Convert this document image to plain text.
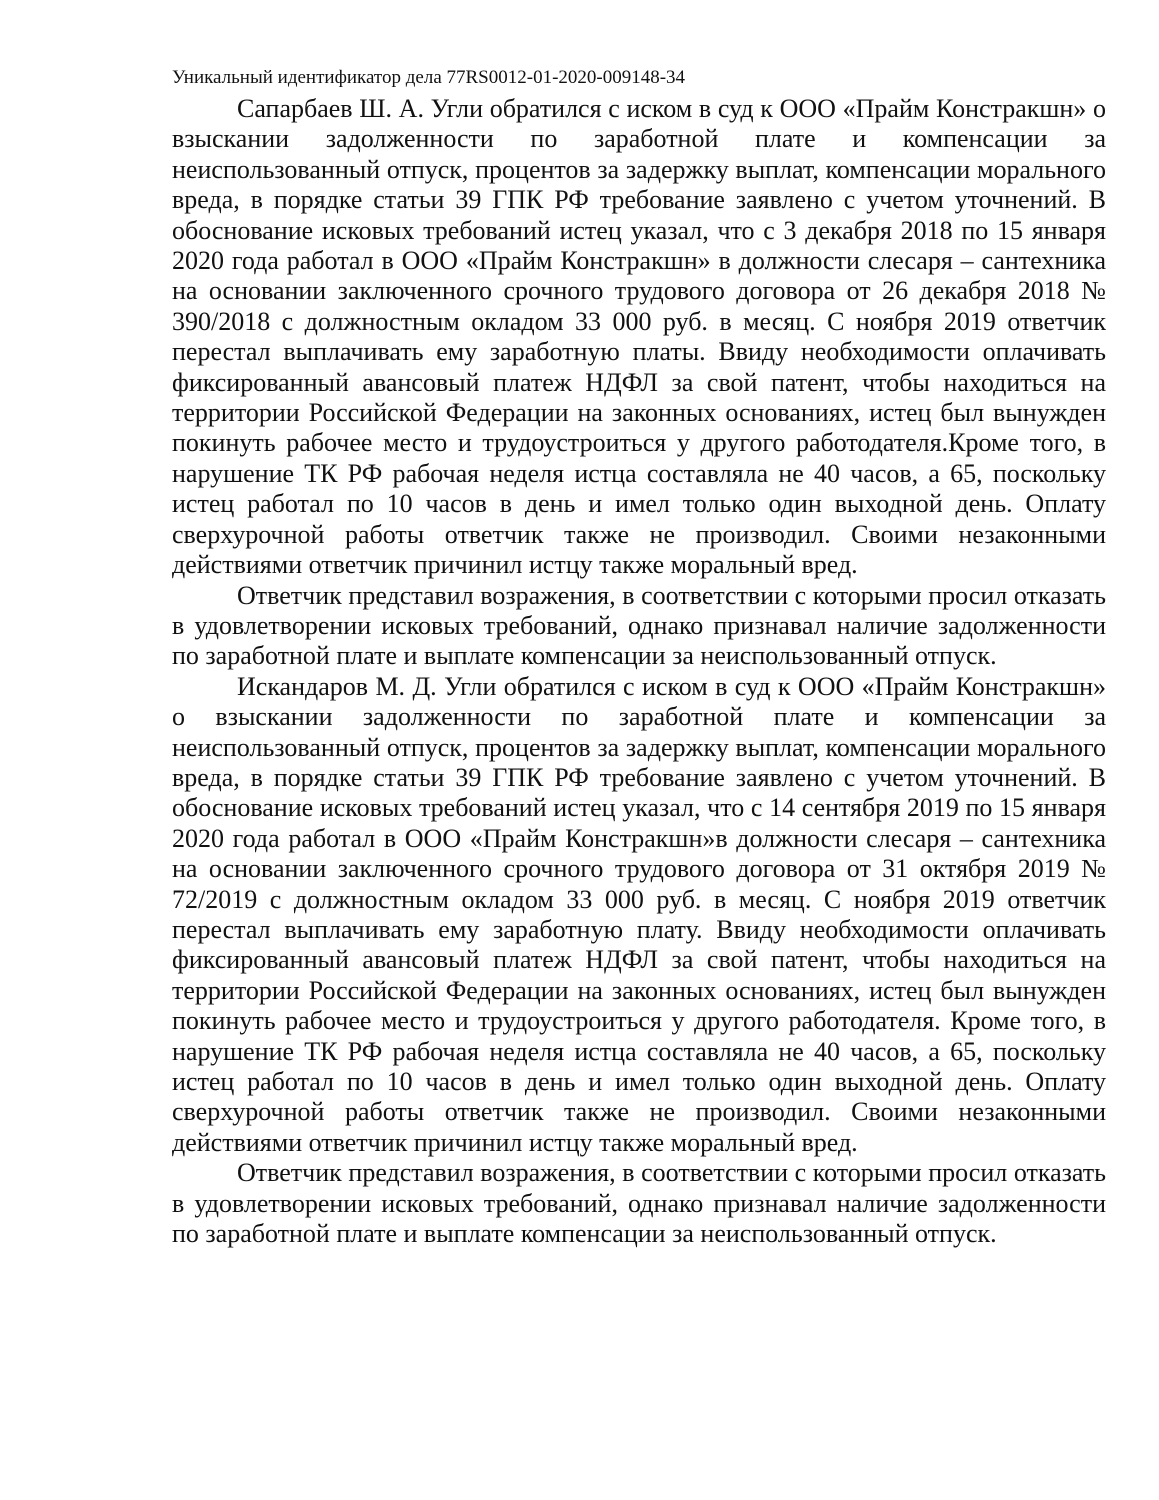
Уникальный идентификатор дела 77RS0012-01-2020-009148-34

Сапарбаев Ш. А. Угли обратился с иском в суд к ООО «Прайм Констракшн» о взыскании задолженности по заработной плате и компенсации за неиспользованный отпуск, процентов за задержку выплат, компенсации морального вреда, в порядке статьи 39 ГПК РФ требование заявлено с учетом уточнений. В обоснование исковых требований истец указал, что с 3 декабря 2018 по 15 января 2020 года работал в ООО «Прайм Констракшн» в должности слесаря – сантехника на основании заключенного срочного трудового договора от 26 декабря 2018 № 390/2018 с должностным окладом 33 000 руб. в месяц. С ноября 2019 ответчик перестал выплачивать ему заработную платы. Ввиду необходимости оплачивать фиксированный авансовый платеж НДФЛ за свой патент, чтобы находиться на территории Российской Федерации на законных основаниях, истец был вынужден покинуть рабочее место и трудоустроиться у другого работодателя.Кроме того, в нарушение ТК РФ рабочая неделя истца составляла не 40 часов, а 65, поскольку истец работал по 10 часов в день и имел только один выходной день. Оплату сверхурочной работы ответчик также не производил. Своими незаконными действиями ответчик причинил истцу также моральный вред.

Ответчик представил возражения, в соответствии с которыми просил отказать в удовлетворении исковых требований, однако признавал наличие задолженности по заработной плате и выплате компенсации за неиспользованный отпуск.

Искандаров М. Д. Угли обратился с иском в суд к ООО «Прайм Констракшн» о взыскании задолженности по заработной плате и компенсации за неиспользованный отпуск, процентов за задержку выплат, компенсации морального вреда, в порядке статьи 39 ГПК РФ требование заявлено с учетом уточнений. В обоснование исковых требований истец указал, что с 14 сентября 2019 по 15 января 2020 года работал в ООО «Прайм Констракшн»в должности слесаря – сантехника на основании заключенного срочного трудового договора от 31 октября 2019 № 72/2019 с должностным окладом 33 000 руб. в месяц. С ноября 2019 ответчик перестал выплачивать ему заработную плату. Ввиду необходимости оплачивать фиксированный авансовый платеж НДФЛ за свой патент, чтобы находиться на территории Российской Федерации на законных основаниях, истец был вынужден покинуть рабочее место и трудоустроиться у другого работодателя. Кроме того, в нарушение ТК РФ рабочая неделя истца составляла не 40 часов, а 65, поскольку истец работал по 10 часов в день и имел только один выходной день. Оплату сверхурочной работы ответчик также не производил. Своими незаконными действиями ответчик причинил истцу также моральный вред.

Ответчик представил возражения, в соответствии с которыми просил отказать в удовлетворении исковых требований, однако признавал наличие задолженности по заработной плате и выплате компенсации за неиспользованный отпуск.
